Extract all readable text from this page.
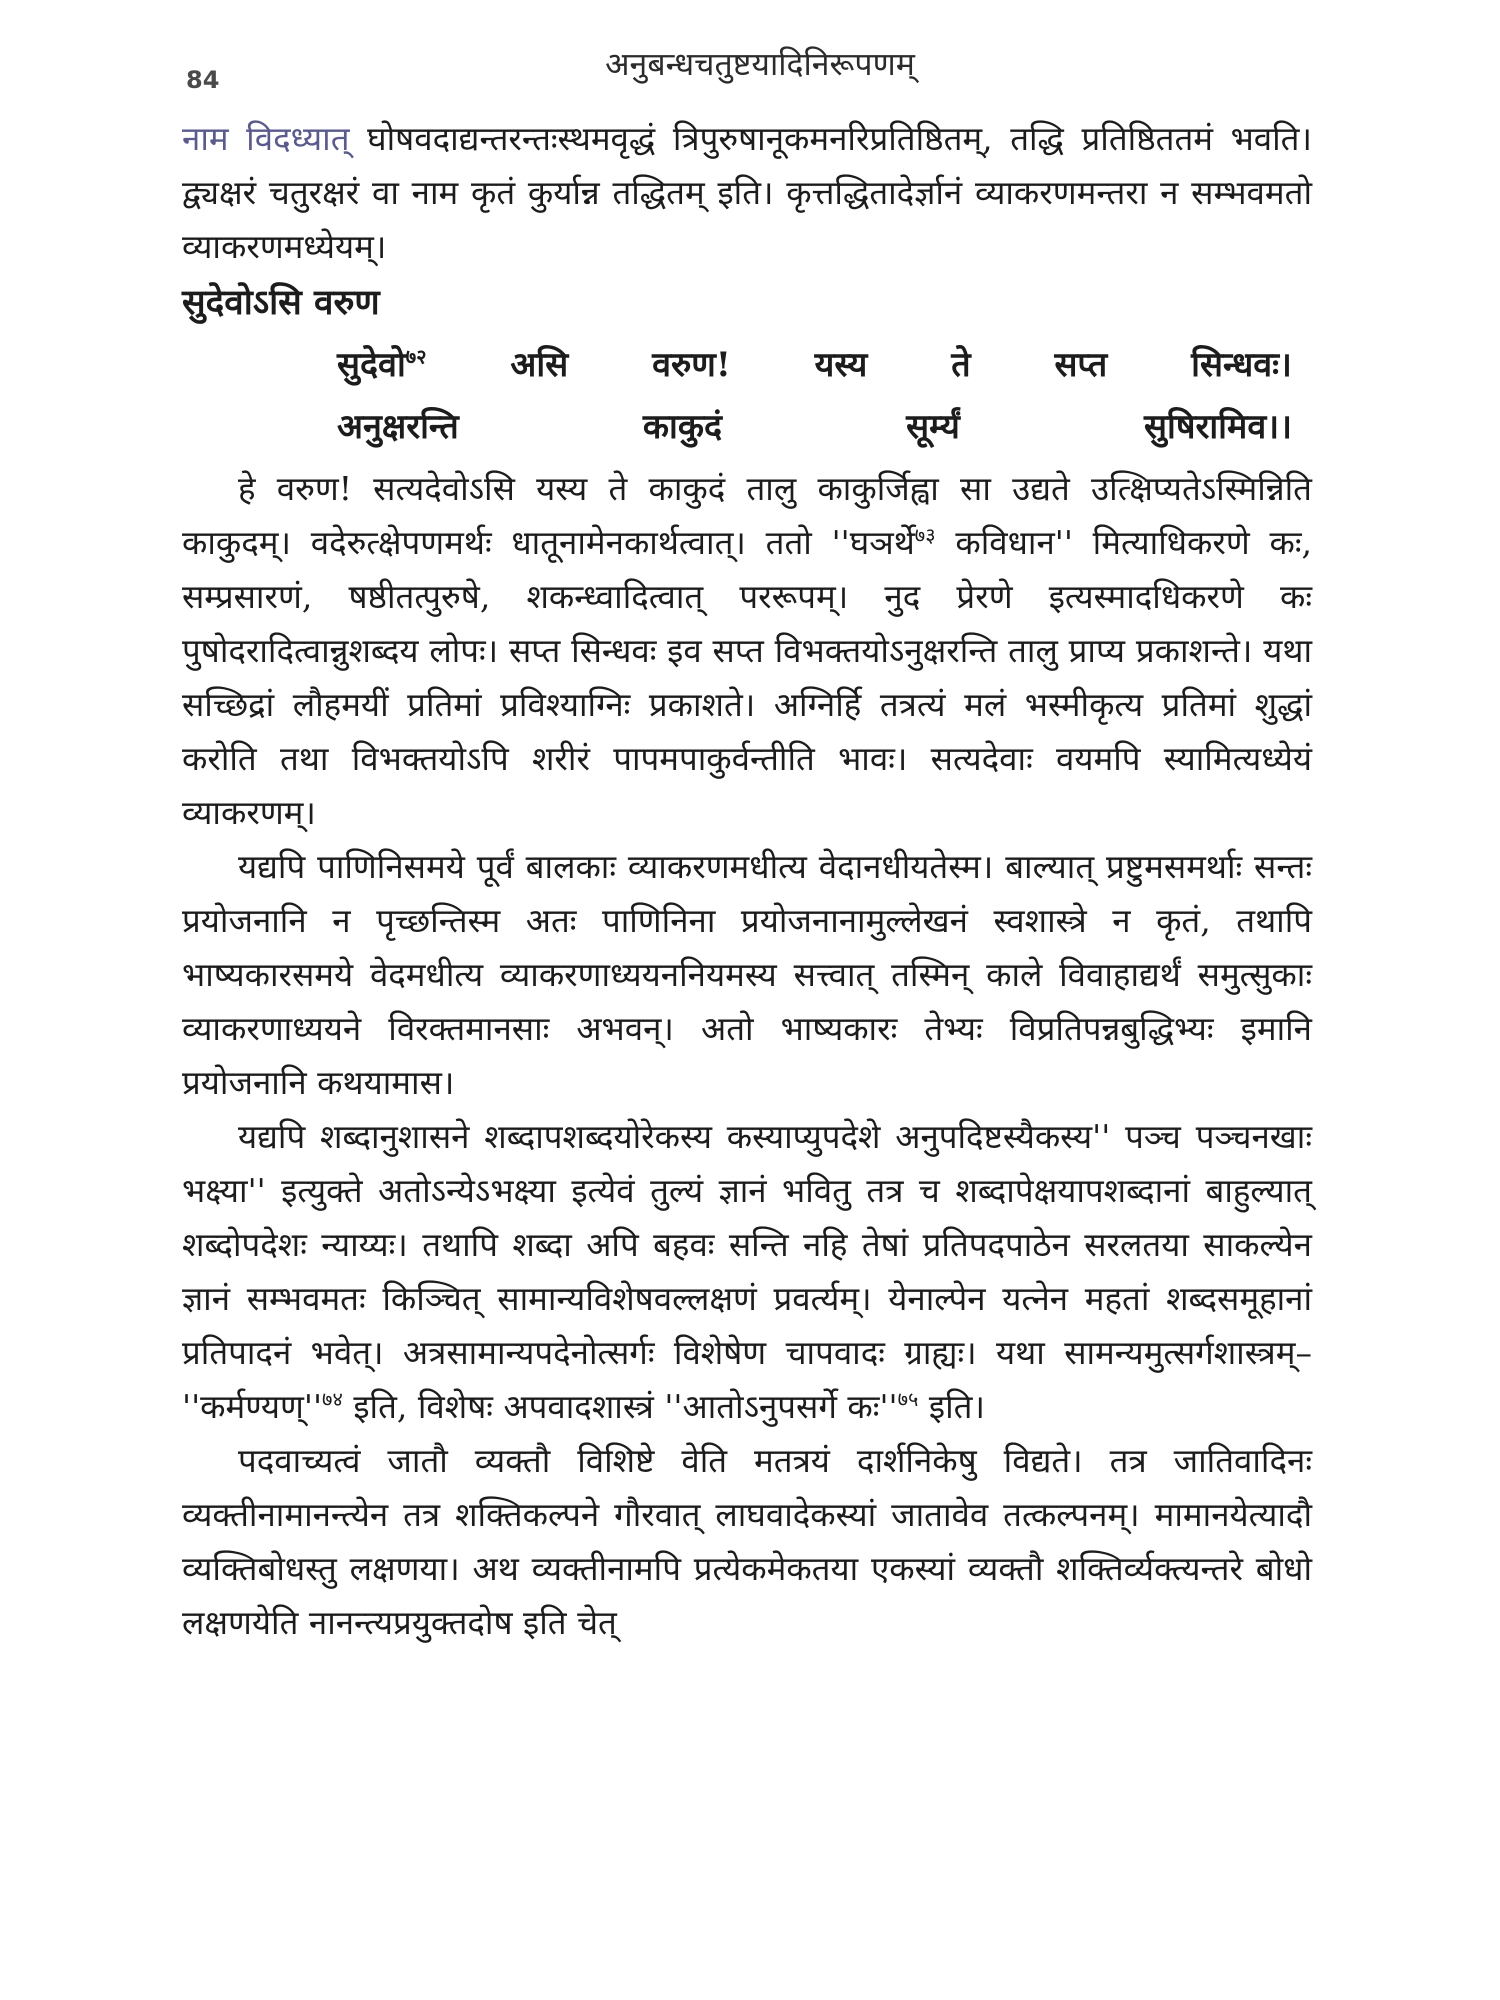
84	अनुबन्धचतुष्टयादिनिरूपणम्

नाम विदध्यात् घोषवदाद्यन्तरन्तःस्थमवृद्धं त्रिपुरुषानूकमनरिप्रतिष्ठितम्, तद्धि प्रतिष्ठिततमं भवति। द्व्यक्षरं चतुरक्षरं वा नाम कृतं कुर्यान्न तद्धितम् इति। कृत्तद्धितादेर्ज्ञानं व्याकरणमन्तरा न सम्भवमतो व्याकरणमध्येयम्।

सुदेवोऽसि वरुण
सुदेवो$^{७२}$ असि वरुण! यस्य ते सप्त सिन्धवः।
अनुक्षरन्ति	काकुदं	सूर्म्यं	सुषिरामिव।।

हे वरुण! सत्यदेवोऽसि यस्य ते काकुदं तालु काकुर्जिह्वा सा उद्यते उत्क्षिप्यतेऽस्मिन्निति काकुदम्। वदेरुत्क्षेपणमर्थः धातूनामेनकार्थत्वात्। ततो ''घञर्थे$^{७३}$ कविधान'' मित्याधिकरणे कः, सम्प्रसारणं, षष्ठीतत्पुरुषे, शकन्ध्वादित्वात् पररूपम्। नुद प्रेरणे इत्यस्मादधिकरणे कः पुषोदरादित्वान्नुशब्दय लोपः। सप्त सिन्धवः इव सप्त विभक्तयोऽनुक्षरन्ति तालु प्राप्य प्रकाशन्ते। यथा सच्छिद्रां लौहमयीं प्रतिमां प्रविश्याग्निः प्रकाशते। अग्निर्हि तत्रत्यं मलं भस्मीकृत्य प्रतिमां शुद्धां करोति तथा विभक्तयोऽपि शरीरं पापमपाकुर्वन्तीति भावः। सत्यदेवाः वयमपि स्यामित्यध्येयं व्याकरणम्।

यद्यपि पाणिनिसमये पूर्वं बालकाः व्याकरणमधीत्य वेदानधीयतेस्म। बाल्यात् प्रष्टुमसमर्थाः सन्तः प्रयोजनानि न पृच्छन्तिस्म अतः पाणिनिना प्रयोजनानामुल्लेखनं स्वशास्त्रे न कृतं, तथापि भाष्यकारसमये वेदमधीत्य व्याकरणाध्ययननियमस्य सत्त्वात् तस्मिन् काले विवाहाद्यर्थं समुत्सुकाः व्याकरणाध्ययने विरक्तमानसाः अभवन्। अतो भाष्यकारः तेभ्यः विप्रतिपन्नबुद्धिभ्यः इमानि प्रयोजनानि कथयामास।

यद्यपि शब्दानुशासने शब्दापशब्दयोरेकस्य कस्याप्युपदेशे अनुपदिष्टस्यैकस्य'' पञ्च पञ्चनखाः भक्ष्या'' इत्युक्ते अतोऽन्येऽभक्ष्या इत्येवं तुल्यं ज्ञानं भवितु तत्र च शब्दापेक्षयापशब्दानां बाहुल्यात् शब्दोपदेशः न्याय्यः। तथापि शब्दा अपि बहवः सन्ति नहि तेषां प्रतिपदपाठेन सरलतया साकल्येन ज्ञानं सम्भवमतः किञ्चित् सामान्यविशेषवल्लक्षणं प्रवर्त्यम्। येनाल्पेन यत्नेन महतां शब्दसमूहानां प्रतिपादनं भवेत्। अत्रसामान्यपदेनोत्सर्गः विशेषेण चापवादः ग्राह्यः। यथा सामन्यमुत्सर्गशास्त्रम्– ''$कर्मण्यण्''^{७४}$ इति, विशेषः अपवादशास्त्रं ''आतोऽनुपसर्गे $कः''^{७५}$ इति।

पदवाच्यत्वं जातौ व्यक्तौ विशिष्टे वेति मतत्रयं दार्शनिकेषु विद्यते। तत्र जातिवादिनः व्यक्तीनामानन्त्येन तत्र शक्तिकल्पने गौरवात् लाघवादेकस्यां जातावेव तत्कल्पनम्। मामानयेत्यादौ व्यक्तिबोधस्तु लक्षणया। अथ व्यक्तीनामपि प्रत्येकमेकतया एकस्यां व्यक्तौ शक्तिर्व्यक्त्यन्तरे बोधो लक्षणयेति नानन्त्यप्रयुक्तदोष इति चेत्
